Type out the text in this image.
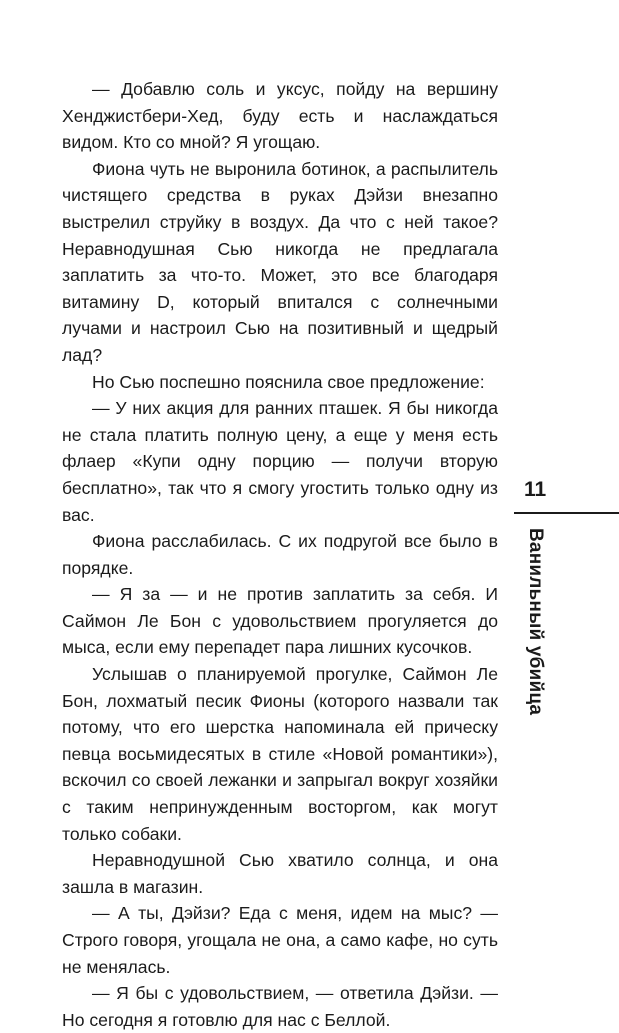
— Добавлю соль и уксус, пойду на вершину Хенджистбери-Хед, буду есть и наслаждаться видом. Кто со мной? Я угощаю.

Фиона чуть не выронила ботинок, а распылитель чистящего средства в руках Дэйзи внезапно выстрелил струйку в воздух. Да что с ней такое? Неравнодушная Сью никогда не предлагала заплатить за что-то. Может, это все благодаря витамину D, который впитался с солнечными лучами и настроил Сью на позитивный и щедрый лад?

Но Сью поспешно пояснила свое предложение:

— У них акция для ранних пташек. Я бы никогда не стала платить полную цену, а еще у меня есть флаер «Купи одну порцию — получи вторую бесплатно», так что я смогу угостить только одну из вас.

Фиона расслабилась. С их подругой все было в порядке.

— Я за — и не против заплатить за себя. И Саймон Ле Бон с удовольствием прогуляется до мыса, если ему перепадет пара лишних кусочков.

Услышав о планируемой прогулке, Саймон Ле Бон, лохматый песик Фионы (которого назвали так потому, что его шерстка напоминала ей прическу певца восьмидесятых в стиле «Новой романтики»), вскочил со своей лежанки и запрыгал вокруг хозяйки с таким непринужденным восторгом, как могут только собаки.

Неравнодушной Сью хватило солнца, и она зашла в магазин.

— А ты, Дэйзи? Еда с меня, идем на мыс? — Строго говоря, угощала не она, а само кафе, но суть не менялась.

— Я бы с удовольствием, — ответила Дэйзи. — Но сегодня я готовлю для нас с Беллой.

11
Ванильный убийца
